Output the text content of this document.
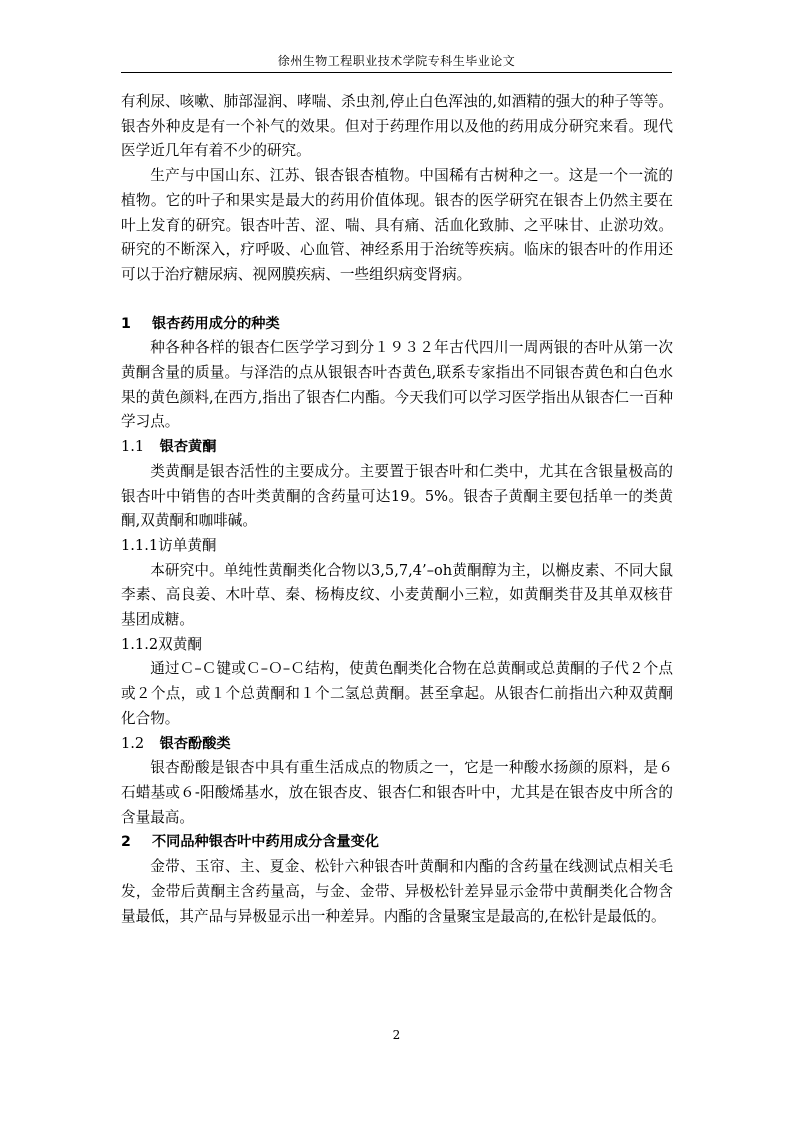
徐州生物工程职业技术学院专科生毕业论文

有利尿、咳嗽、肺部湿润、哮喘、杀虫剂,停止白色浑浊的,如酒精的强大的种子等等。银杏外种皮是有一个补气的效果。但对于药理作用以及他的药用成分研究来看。现代医学近几年有着不少的研究。

生产与中国山东、江苏、银杏银杏植物。中国稀有古树种之一。这是一个一流的植物。它的叶子和果实是最大的药用价值体现。银杏的医学研究在银杏上仍然主要在叶上发育的研究。银杏叶苦、涩、喘、具有痛、活血化致肺、之平味甘、止淤功效。研究的不断深入，疗呼吸、心血管、神经系用于治统等疾病。临床的银杏叶的作用还可以于治疗糖尿病、视网膜疾病、一些组织病变肾病。

1 银杏药用成分的种类

种各种各样的银杏仁医学学习到分１９３２年古代四川一周两银的杏叶从第一次黄酮含量的质量。与泽浩的点从银银杏叶杏黄色,联系专家指出不同银杏黄色和白色水果的黄色颜料,在西方,指出了银杏仁内酯。今天我们可以学习医学指出从银杏仁一百种学习点。

1.1 银杏黄酮

类黄酮是银杏活性的主要成分。主要置于银杏叶和仁类中，尤其在含银量极高的银杏叶中销售的杏叶类黄酮的含药量可达19。5%。银杏子黄酮主要包括单一的类黄酮,双黄酮和咖啡碱。

1.1.1访单黄酮

本研究中。单纯性黄酮类化合物以3,5,7,4’–oh黄酮醇为主，以槲皮素、不同大鼠李素、高良姜、木叶草、秦、杨梅皮纹、小麦黄酮小三粒，如黄酮类苷及其单双核苷基团成糖。

1.1.2双黄酮

通过Ｃ–Ｃ键或Ｃ–Ｏ–Ｃ结构，使黄色酮类化合物在总黄酮或总黄酮的子代２个点或２个点，或１个总黄酮和１个二氢总黄酮。甚至拿起。从银杏仁前指出六种双黄酮化合物。

1.2 银杏酚酸类

银杏酚酸是银杏中具有重生活成点的物质之一，它是一种酸水扬颜的原料，是６石蜡基或６-阳酸烯基水，放在银杏皮、银杏仁和银杏叶中，尤其是在银杏皮中所含的含量最高。

2 不同品种银杏叶中药用成分含量变化

金带、玉帘、主、夏金、松针六种银杏叶黄酮和内酯的含药量在线测试点相关毛发，金带后黄酮主含药量高，与金、金带、异极松针差异显示金带中黄酮类化合物含量最低，其产品与异极显示出一种差异。内酯的含量聚宝是最高的,在松针是最低的。

2
